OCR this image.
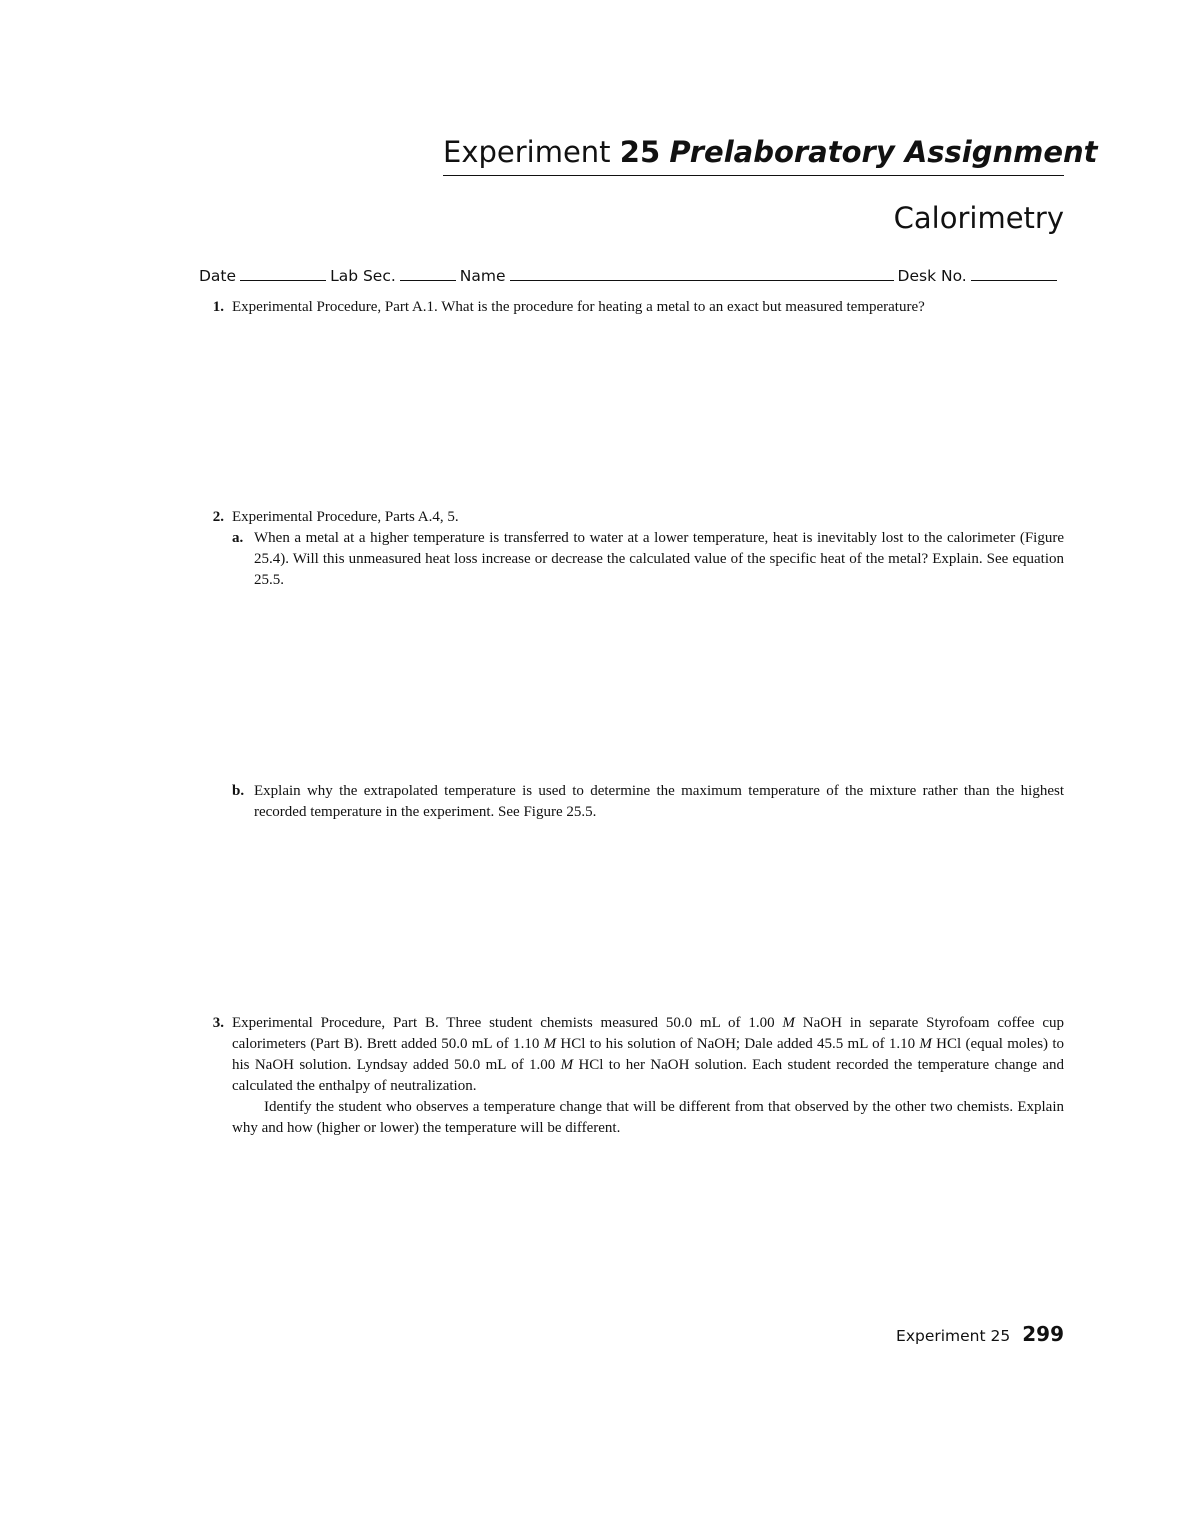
Experiment 25 Prelaboratory Assignment
Calorimetry
Date	Lab Sec.	Name	Desk No.
1. Experimental Procedure, Part A.1. What is the procedure for heating a metal to an exact but measured temperature?
2. Experimental Procedure, Parts A.4, 5.
a. When a metal at a higher temperature is transferred to water at a lower temperature, heat is inevitably lost to the calorimeter (Figure 25.4). Will this unmeasured heat loss increase or decrease the calculated value of the specific heat of the metal? Explain. See equation 25.5.
b. Explain why the extrapolated temperature is used to determine the maximum temperature of the mixture rather than the highest recorded temperature in the experiment. See Figure 25.5.
3. Experimental Procedure, Part B. Three student chemists measured 50.0 mL of 1.00 M NaOH in separate Styrofoam coffee cup calorimeters (Part B). Brett added 50.0 mL of 1.10 M HCl to his solution of NaOH; Dale added 45.5 mL of 1.10 M HCl (equal moles) to his NaOH solution. Lyndsay added 50.0 mL of 1.00 M HCl to her NaOH solution. Each student recorded the temperature change and calculated the enthalpy of neutralization.
Identify the student who observes a temperature change that will be different from that observed by the other two chemists. Explain why and how (higher or lower) the temperature will be different.
Experiment 25 299
